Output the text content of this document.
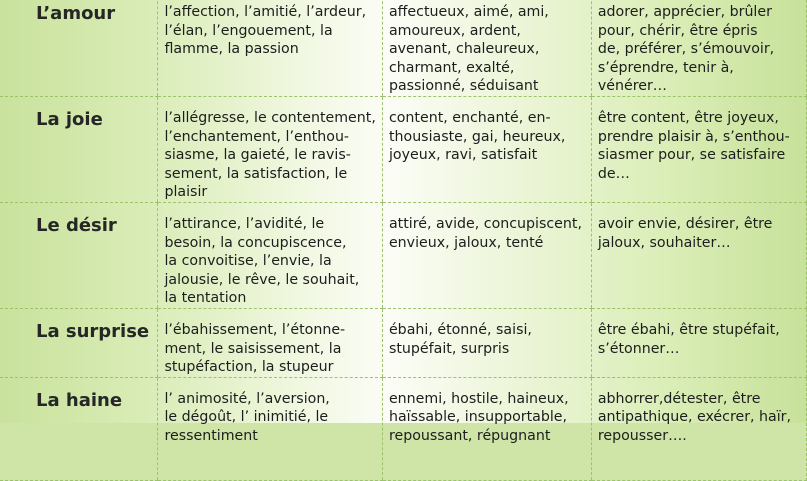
L’amour	l’affection, l’amitié, l’ardeur,
l’élan, l’engouement, la
flamme, la passion	affectueux, aimé, ami,
amoureux, ardent,
avenant, chaleureux,
charmant, exalté,
passionné, séduisant	adorer, apprécier, brûler
pour, chérir, être épris
de, préférer, s’émouvoir,
s’éprendre, tenir à,
vénérer…

La joie	l’allégresse, le contentement,
l’enchantement, l’enthou-
siasme, la gaieté, le ravis-
sement, la satisfaction, le
plaisir	content, enchanté, en-
thousiaste, gai, heureux,
joyeux, ravi, satisfait	être content, être joyeux,
prendre plaisir à, s’enthou-
siasmer pour, se satisfaire
de…

Le désir	l’attirance, l’avidité, le
besoin, la concupiscence,
la convoitise, l’envie, la
jalousie, le rêve, le souhait,
la tentation	attiré, avide, concupiscent,
envieux, jaloux, tenté	avoir envie, désirer, être
jaloux, souhaiter…

La surprise	l’ébahissement, l’étonne-
ment, le saisissement, la
stupéfaction, la stupeur	ébahi, étonné, saisi,
stupéfait, surpris	être ébahi, être stupéfait,
s’étonner…

La haine	l’ animosité, l’aversion,
le dégoût, l’ inimitié, le
ressentiment	ennemi, hostile, haineux,
haïssable, insupportable,
repoussant, répugnant	abhorrer,détester, être
antipathique, exécrer, haïr,
repousser….
